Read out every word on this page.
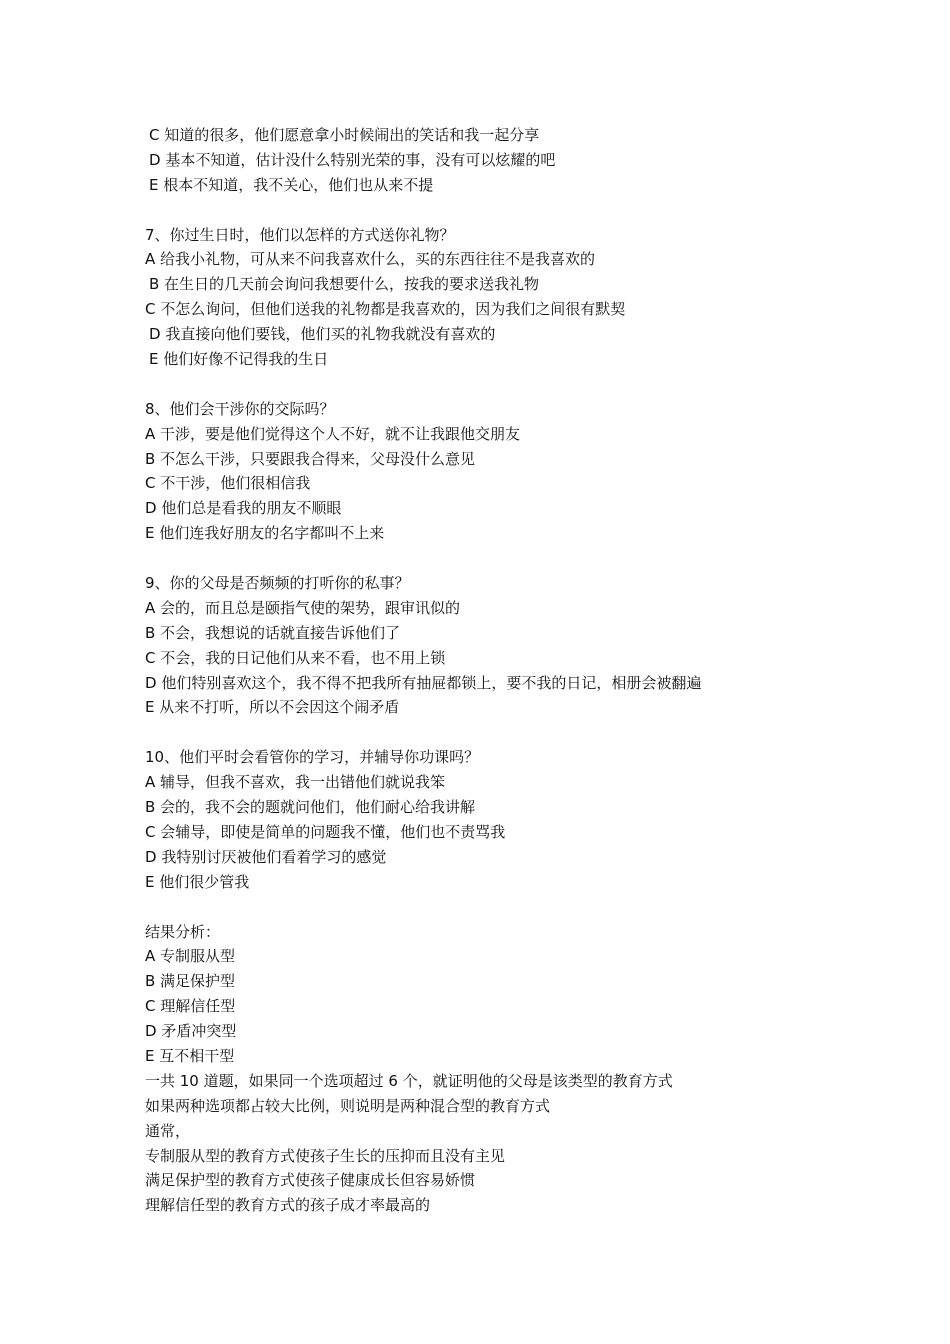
C 知道的很多，他们愿意拿小时候闹出的笑话和我一起分享
D 基本不知道，估计没什么特别光荣的事，没有可以炫耀的吧
E 根本不知道，我不关心，他们也从来不提
7、你过生日时，他们以怎样的方式送你礼物？
A 给我小礼物，可从来不问我喜欢什么，买的东西往往不是我喜欢的
B 在生日的几天前会询问我想要什么，按我的要求送我礼物
C 不怎么询问，但他们送我的礼物都是我喜欢的，因为我们之间很有默契
D 我直接向他们要钱，他们买的礼物我就没有喜欢的
E 他们好像不记得我的生日
8、他们会干涉你的交际吗？
A 干涉，要是他们觉得这个人不好，就不让我跟他交朋友
B 不怎么干涉，只要跟我合得来，父母没什么意见
C 不干涉，他们很相信我
D 他们总是看我的朋友不顺眼
E 他们连我好朋友的名字都叫不上来
9、你的父母是否频频的打听你的私事？
A 会的，而且总是颐指气使的架势，跟审讯似的
B 不会，我想说的话就直接告诉他们了
C 不会，我的日记他们从来不看，也不用上锁
D 他们特别喜欢这个，我不得不把我所有抽屉都锁上，要不我的日记，相册会被翻遍
E 从来不打听，所以不会因这个闹矛盾
10、他们平时会看管你的学习，并辅导你功课吗？
A 辅导，但我不喜欢，我一出错他们就说我笨
B 会的，我不会的题就问他们，他们耐心给我讲解
C 会辅导，即使是简单的问题我不懂，他们也不责骂我
D 我特别讨厌被他们看着学习的感觉
E 他们很少管我
结果分析：
A 专制服从型
B 满足保护型
C 理解信任型
D 矛盾冲突型
E 互不相干型
一共 10 道题，如果同一个选项超过 6 个，就证明他的父母是该类型的教育方式
如果两种选项都占较大比例，则说明是两种混合型的教育方式
通常，
专制服从型的教育方式使孩子生长的压抑而且没有主见
满足保护型的教育方式使孩子健康成长但容易娇惯
理解信任型的教育方式的孩子成才率最高的
